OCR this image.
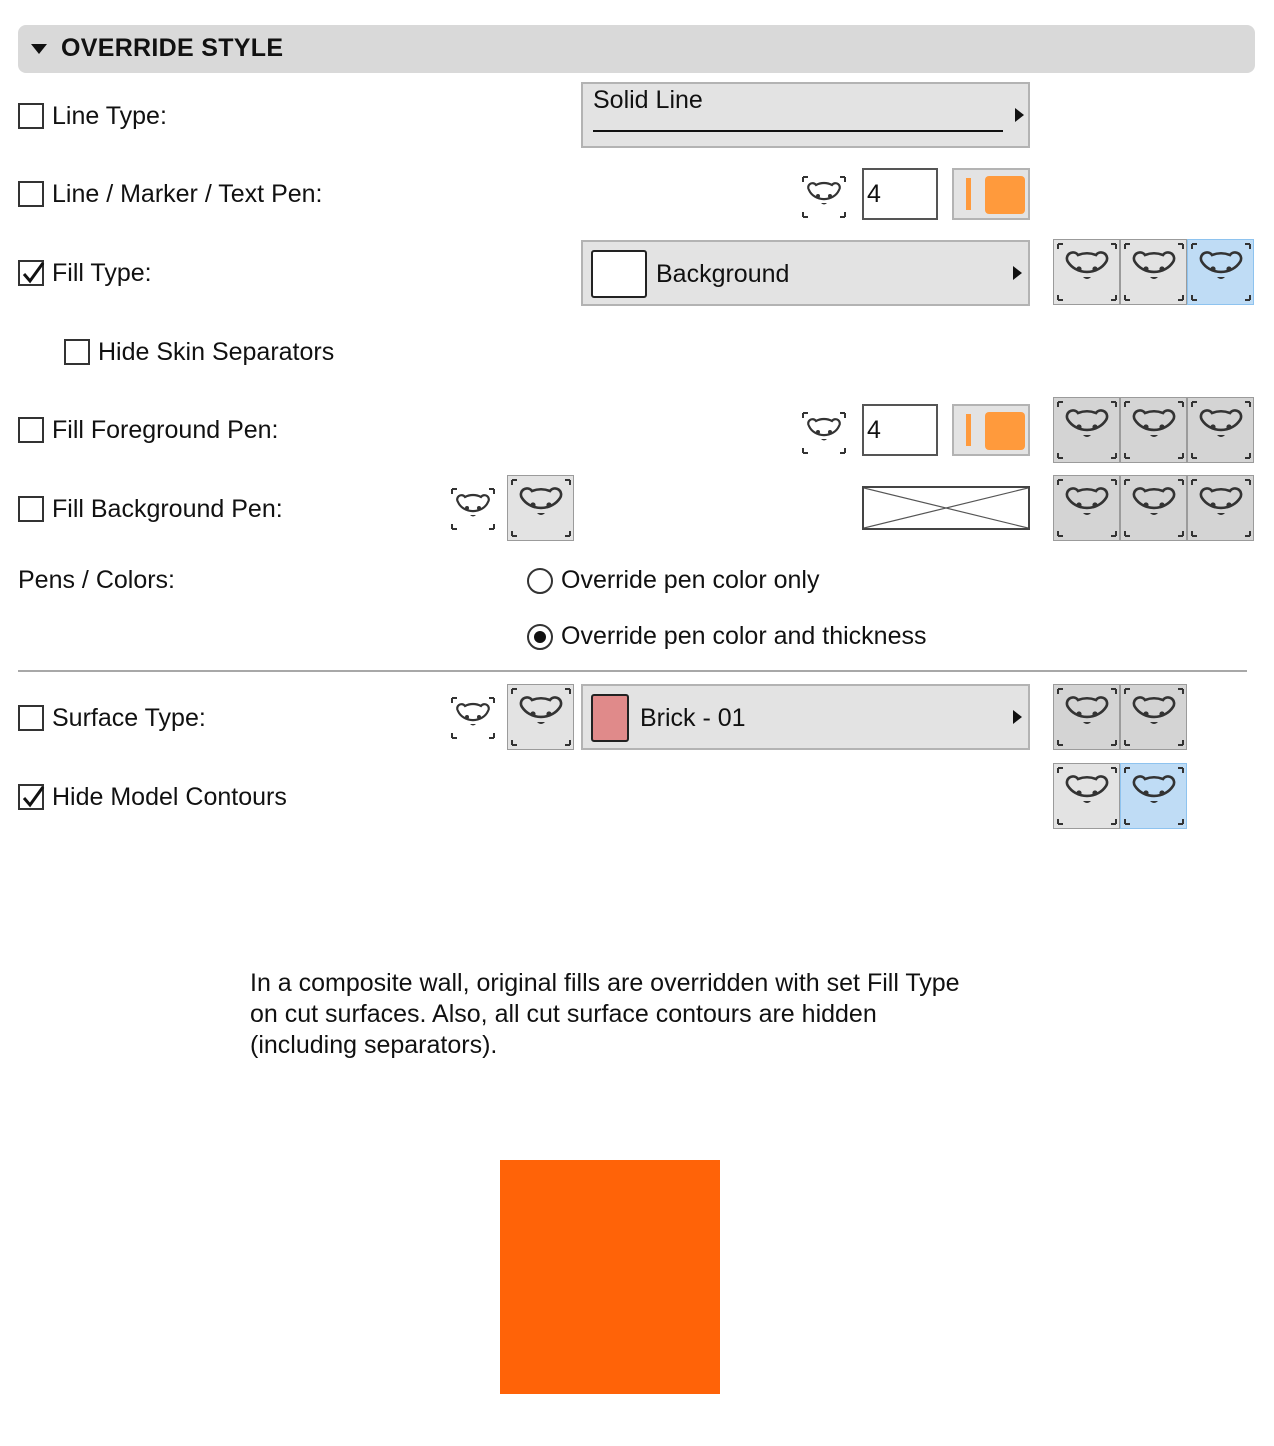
OVERRIDE STYLE
Line Type:
Solid Line
Line / Marker / Text Pen:	4
Fill Type:	Background
Hide Skin Separators
Fill Foreground Pen:	4
Fill Background Pen:
Pens / Colors:	Override pen color only
Override pen color and thickness
Surface Type:	Brick - 01
Hide Model Contours
In a composite wall, original fills are overridden with set Fill Type on cut surfaces. Also, all cut surface contours are hidden (including separators).
